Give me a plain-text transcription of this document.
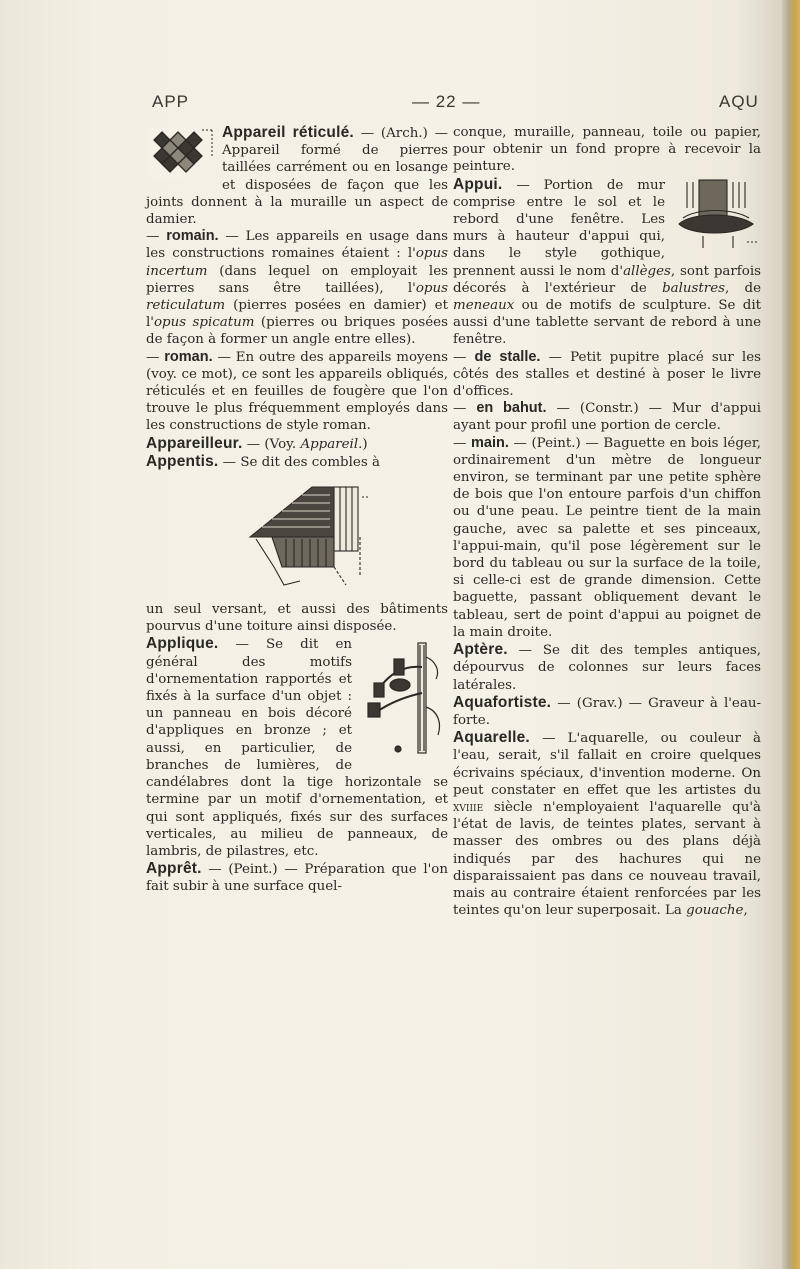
APP	— 22 —	AQU

Appareil réticulé. — (Arch.) — Appareil formé de pierres taillées carrément ou en losange et disposées de façon que les joints donnent à la muraille un aspect de damier.

— romain. — Les appareils en usage dans les constructions romaines étaient : l'opus incertum (dans lequel on employait les pierres sans être taillées), l'opus reticulatum (pierres posées en damier) et l'opus spicatum (pierres ou briques posées de façon à former un angle entre elles).

— roman. — En outre des appareils moyens (voy. ce mot), ce sont les appareils obliqués, réticulés et en feuilles de fougère que l'on trouve le plus fréquemment employés dans les constructions de style roman.

Appareilleur. — (Voy. Appareil.)

Appentis. — Se dit des combles à

un seul versant, et aussi des bâtiments pourvus d'une toiture ainsi disposée.

Applique. — Se dit en général des motifs d'ornementation rapportés et fixés à la surface d'un objet : un panneau en bois décoré d'appliques en bronze ; et aussi, en particulier, de branches de lumières, de candélabres dont la tige horizontale se termine par un motif d'ornementation, et qui sont appliqués, fixés sur des surfaces verticales, au milieu de panneaux, de lambris, de pilastres, etc.

Apprêt. — (Peint.) — Préparation que l'on fait subir à une surface quel-

conque, muraille, panneau, toile ou papier, pour obtenir un fond propre à recevoir la peinture.

Appui. — Portion de mur comprise entre le sol et le rebord d'une fenêtre. Les murs à hauteur d'appui qui, dans le style gothique, prennent aussi le nom d'allèges, sont parfois décorés à l'extérieur de balustres, de meneaux ou de motifs de sculpture. Se dit aussi d'une tablette servant de rebord à une fenêtre.

— de stalle. — Petit pupitre placé sur les côtés des stalles et destiné à poser le livre d'offices.

— en bahut. — (Constr.) — Mur d'appui ayant pour profil une portion de cercle.

— main. — (Peint.) — Baguette en bois léger, ordinairement d'un mètre de longueur environ, se terminant par une petite sphère de bois que l'on entoure parfois d'un chiffon ou d'une peau. Le peintre tient de la main gauche, avec sa palette et ses pinceaux, l'appui-main, qu'il pose légèrement sur le bord du tableau ou sur la surface de la toile, si celle-ci est de grande dimension. Cette baguette, passant obliquement devant le tableau, sert de point d'appui au poignet de la main droite.

Aptère. — Se dit des temples antiques, dépourvus de colonnes sur leurs faces latérales.

Aquafortiste. — (Grav.) — Graveur à l'eau-forte.

Aquarelle. — L'aquarelle, ou couleur à l'eau, serait, s'il fallait en croire quelques écrivains spéciaux, d'invention moderne. On peut constater en effet que les artistes du xviiie siècle n'employaient l'aquarelle qu'à l'état de lavis, de teintes plates, servant à masser des ombres ou des plans déjà indiqués par des hachures qui ne disparaissaient pas dans ce nouveau travail, mais au contraire étaient renforcées par les teintes qu'on leur superposait. La gouache,
